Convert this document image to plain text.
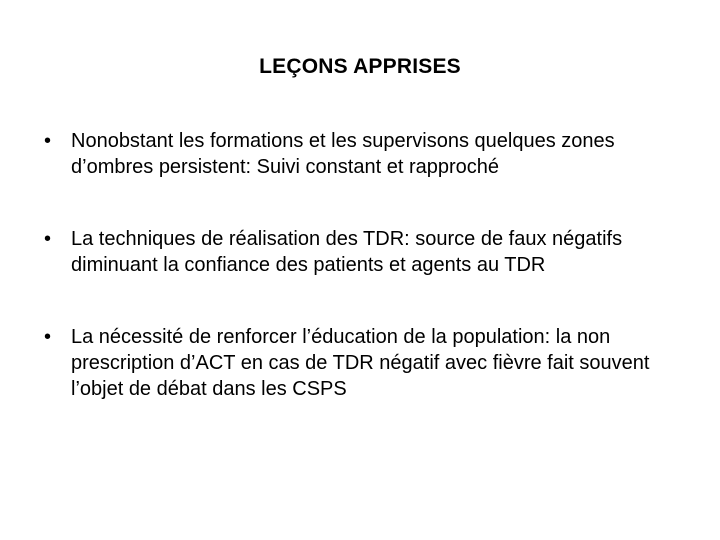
LEÇONS APPRISES
• Nonobstant les formations et les supervisons quelques zones d’ombres persistent: Suivi constant et rapproché
• La techniques de réalisation des TDR: source de faux négatifs diminuant la confiance des patients et agents au TDR
• La nécessité de renforcer l’éducation de la population: la non prescription d’ACT en cas de TDR négatif avec fièvre fait souvent l’objet de débat dans les CSPS
